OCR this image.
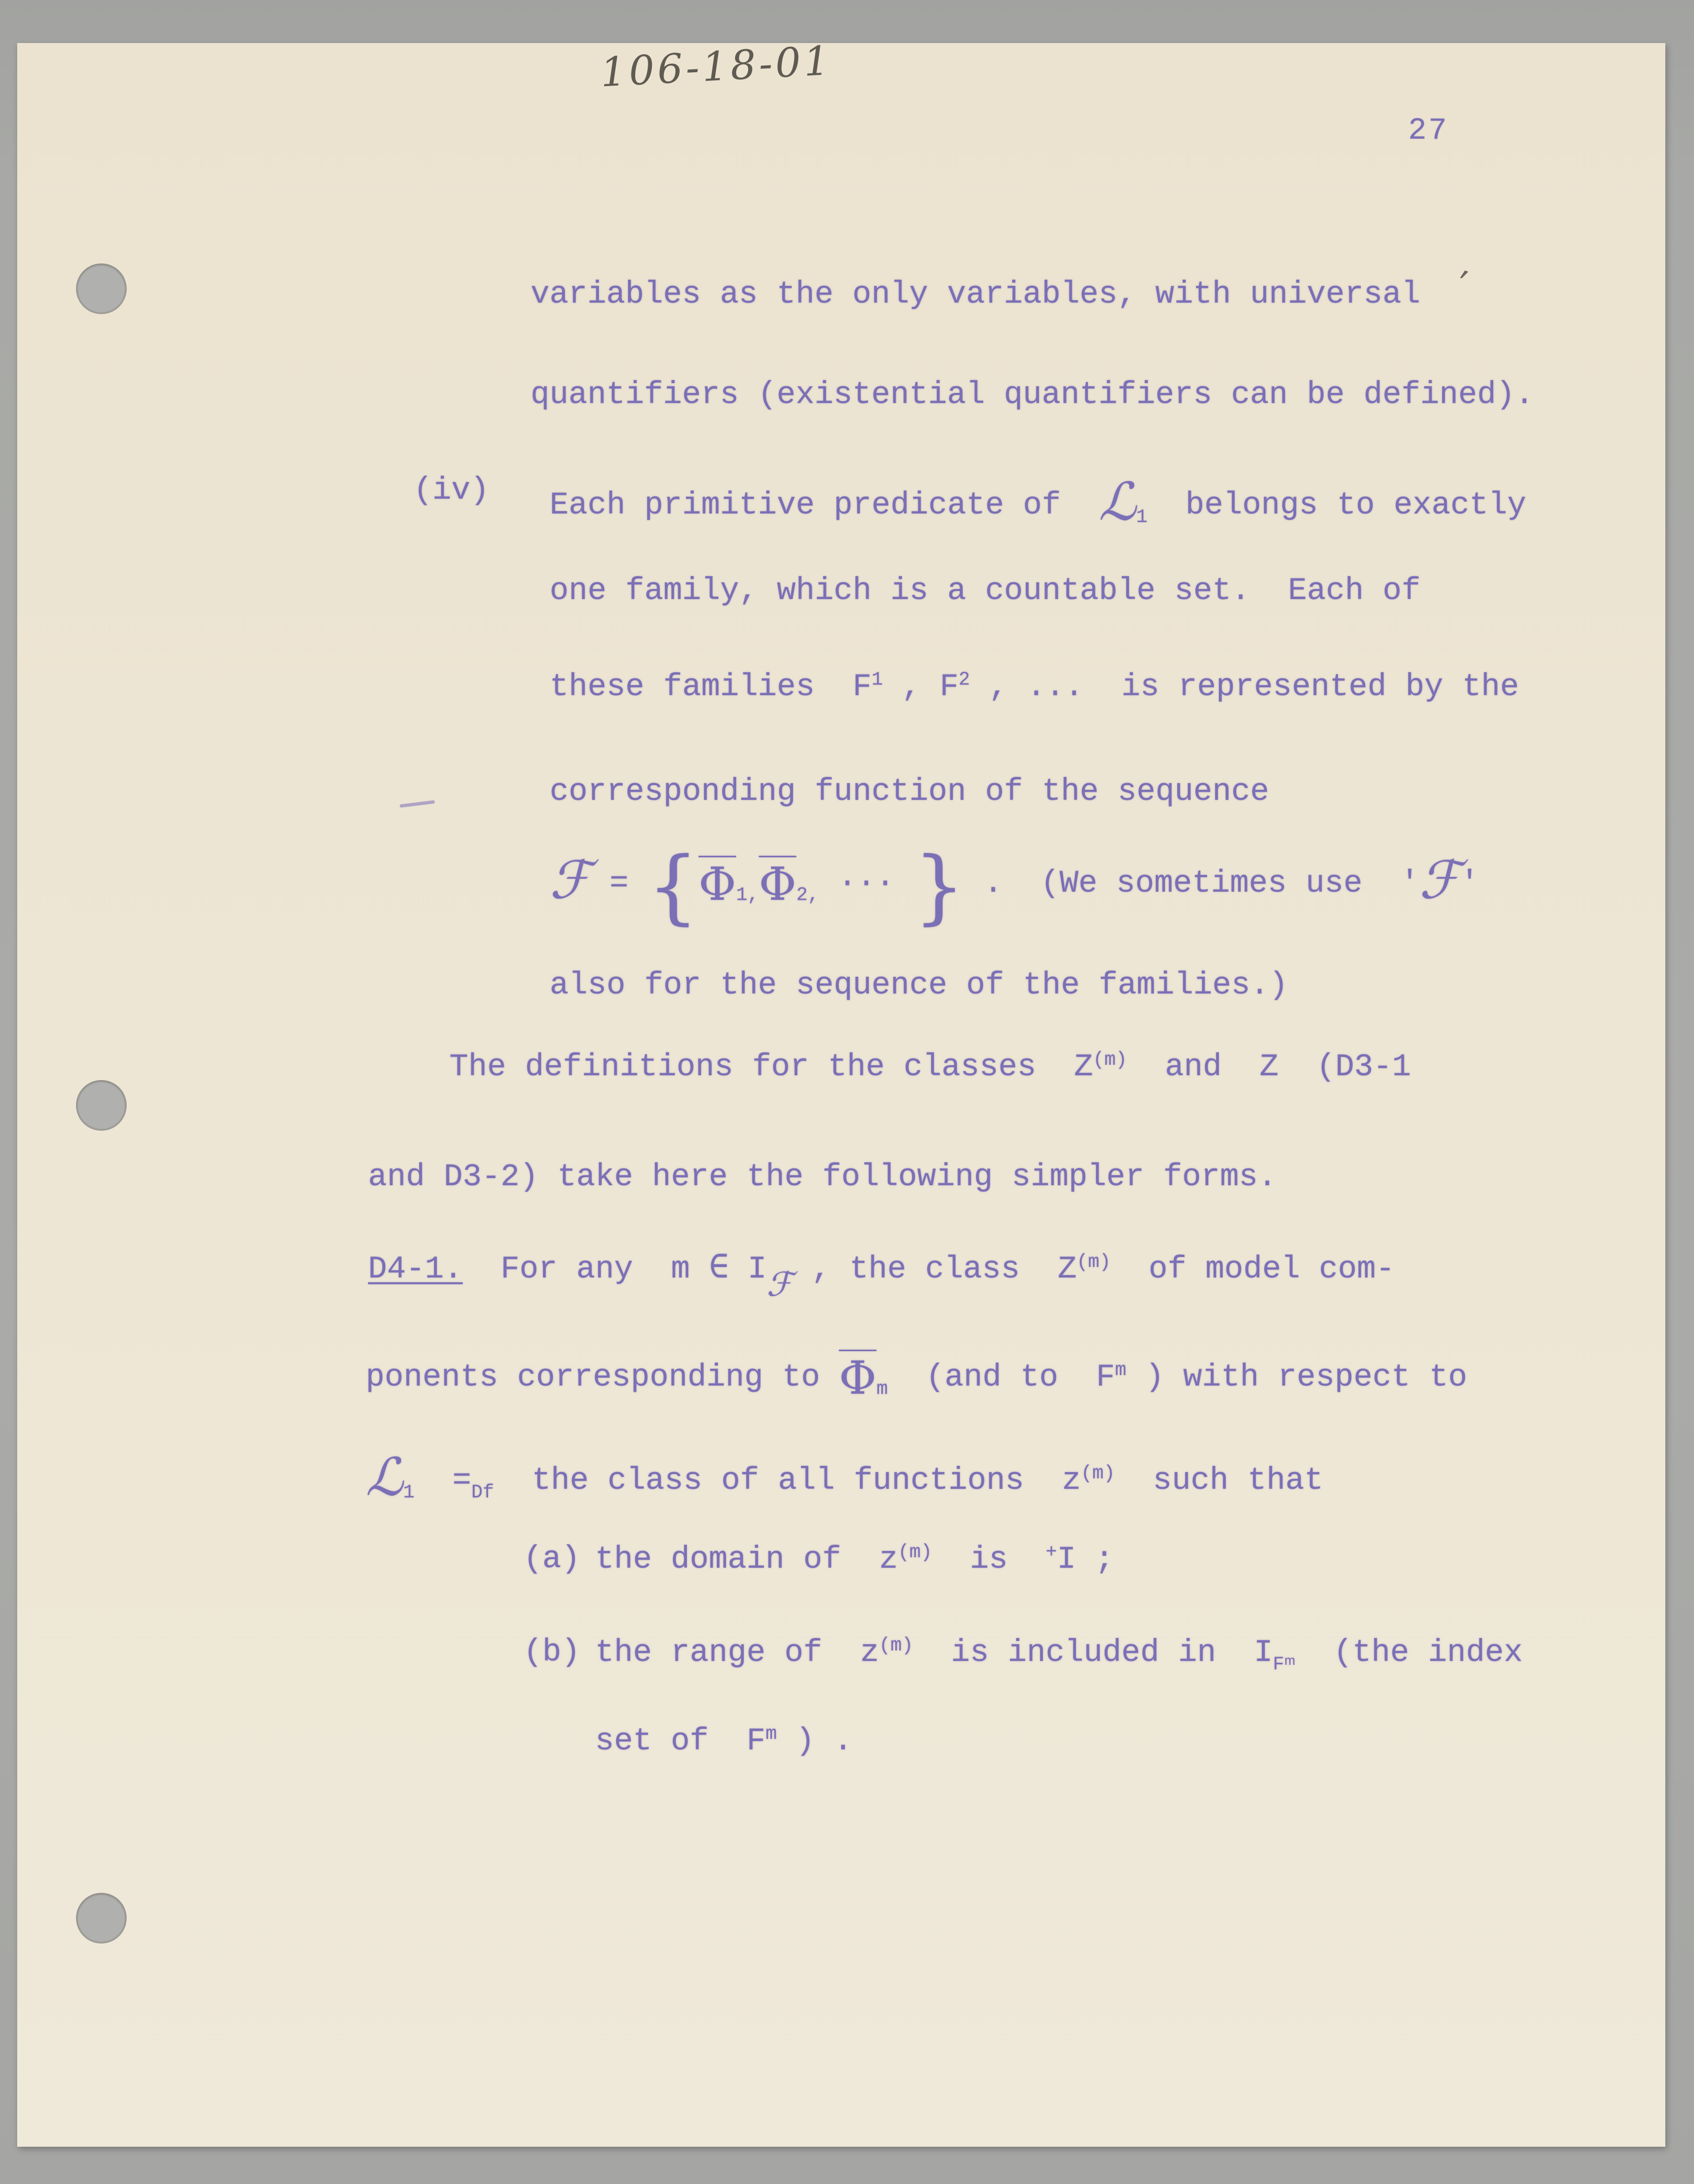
106-18-01
27
variables as the only variables, with universal
quantifiers (existential quantifiers can be defined).
(iv) Each primitive predicate of  ℒ$_1$  belongs to exactly
one family, which is a countable set.  Each of
these families  $F^1$ , $F^2$ , ...  is represented by the
corresponding function of the sequence
ℱ = {$\overline{\Phi}_{1,}\overline{\Phi}_{2,}$ ··· } .  (We sometimes use  'ℱ'
also for the sequence of the families.)
The definitions for the classes  $Z^{(m)}$  and  Z  (D3-1
and D3-2) take here the following simpler forms.
D4-1.  For any  m ∈ Iℱ , the class  $Z^{(m)}$  of model com-
ponents corresponding to $\overline{\Phi}_m$  (and to  $F^m$ ) with respect to
ℒ$_1$  $=_{Df}$  the class of all functions  $z^{(m)}$  such that
(a) the domain of  $z^{(m)}$  is  +I ;
(b) the range of  $z^{(m)}$  is included in  $I_{Fᵐ}$  (the index
set of  $F^m$ ) .
’
